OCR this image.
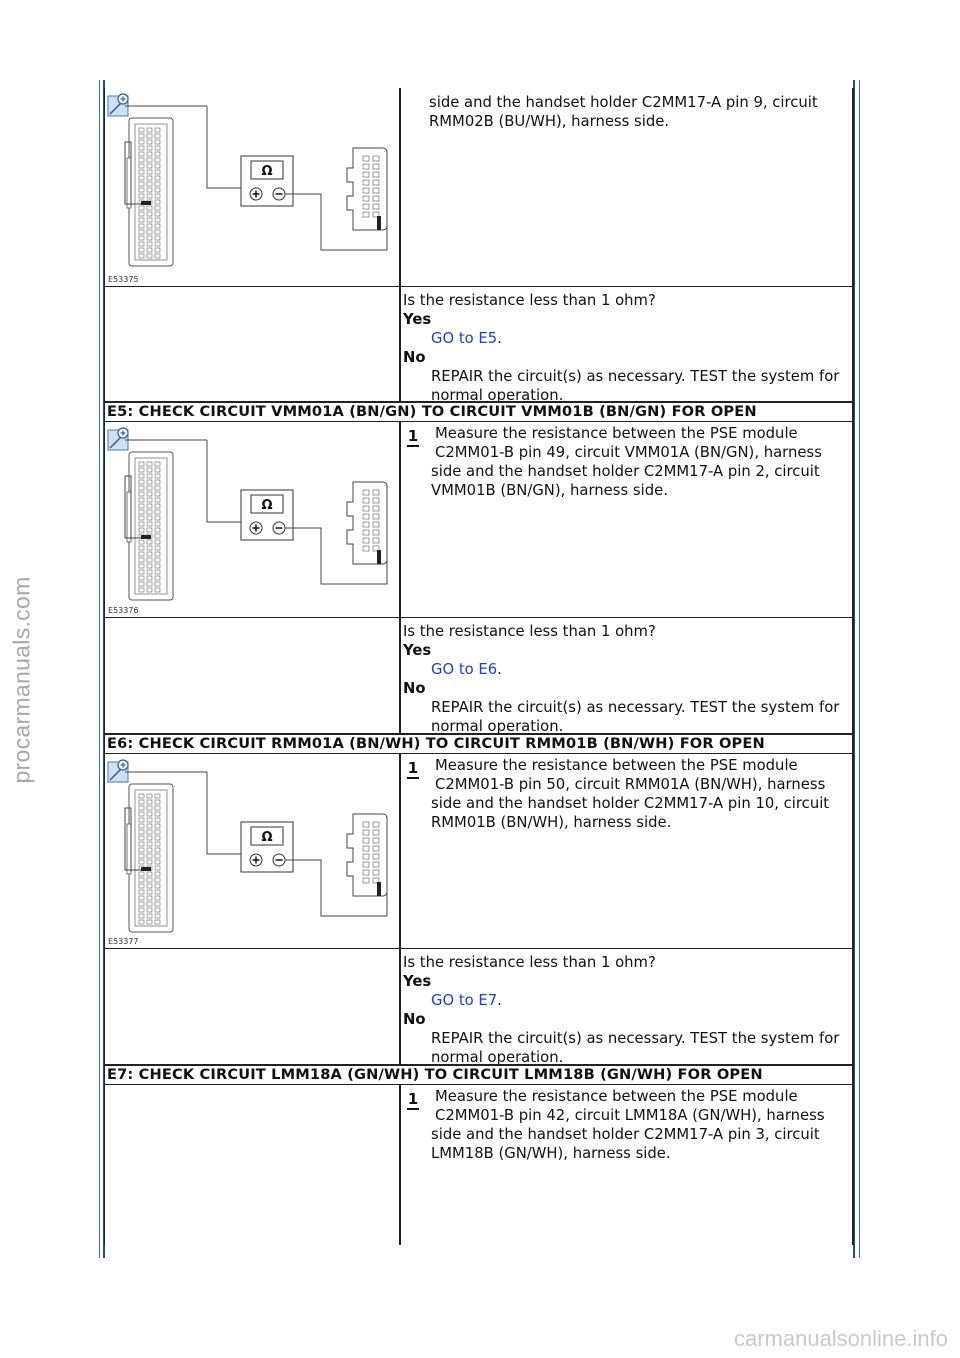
procarmanuals.com
carmanualsonline.info
Ω
E53375
side and the handset holder C2MM17-A pin 9, circuit RMM02B (BU/WH), harness side.
Is the resistance less than 1 ohm?
Yes
GO to E5.
No
REPAIR the circuit(s) as necessary. TEST the system for normal operation.
E5: CHECK CIRCUIT VMM01A (BN/GN) TO CIRCUIT VMM01B (BN/GN) FOR OPEN
Ω
E53376
1 Measure the resistance between the PSE module
C2MM01-B pin 49, circuit VMM01A (BN/GN), harness
side and the handset holder C2MM17-A pin 2, circuit
VMM01B (BN/GN), harness side.
Is the resistance less than 1 ohm?
Yes
GO to E6.
No
REPAIR the circuit(s) as necessary. TEST the system for normal operation.
E6: CHECK CIRCUIT RMM01A (BN/WH) TO CIRCUIT RMM01B (BN/WH) FOR OPEN
Ω
E53377
1 Measure the resistance between the PSE module
C2MM01-B pin 50, circuit RMM01A (BN/WH), harness
side and the handset holder C2MM17-A pin 10, circuit
RMM01B (BN/WH), harness side.
Is the resistance less than 1 ohm?
Yes
GO to E7.
No
REPAIR the circuit(s) as necessary. TEST the system for normal operation.
E7: CHECK CIRCUIT LMM18A (GN/WH) TO CIRCUIT LMM18B (GN/WH) FOR OPEN
1 Measure the resistance between the PSE module
C2MM01-B pin 42, circuit LMM18A (GN/WH), harness
side and the handset holder C2MM17-A pin 3, circuit
LMM18B (GN/WH), harness side.
